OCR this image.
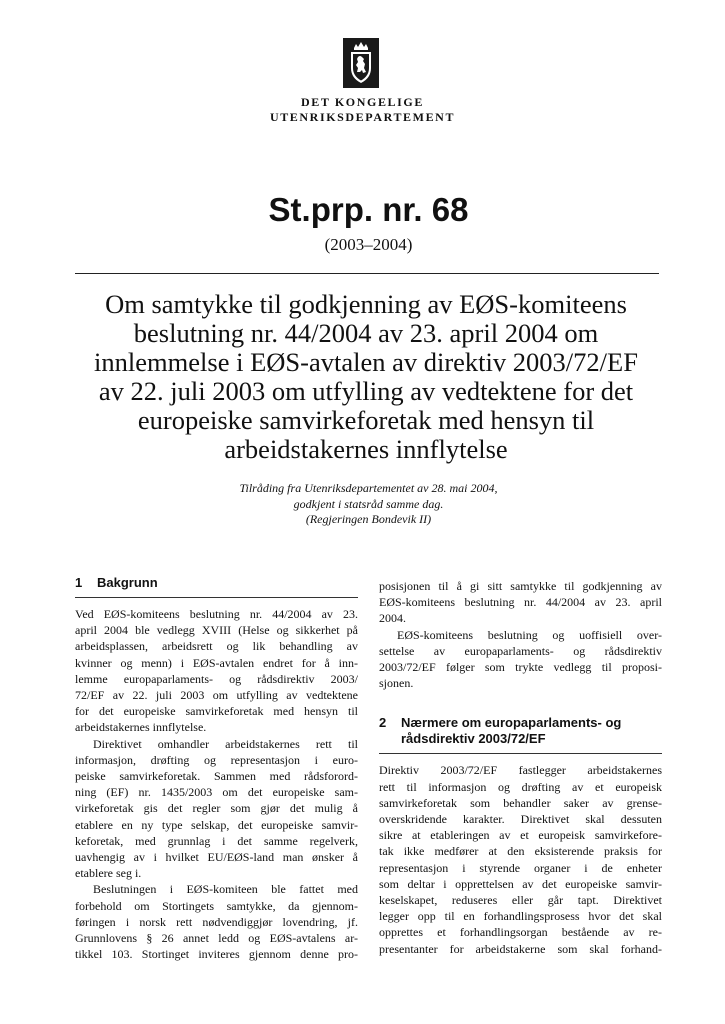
DET KONGELIGE
UTENRIKSDEPARTEMENT
St.prp. nr. 68
(2003–2004)
Om samtykke til godkjenning av EØS-komiteens
beslutning nr. 44/2004 av 23. april 2004 om
innlemmelse i EØS-avtalen av direktiv 2003/72/EF
av 22. juli 2003 om utfylling av vedtektene for det
europeiske samvirkeforetak med hensyn til
arbeidstakernes innflytelse
Tilråding fra Utenriksdepartementet av 28. mai 2004,
godkjent i statsråd samme dag.
(Regjeringen Bondevik II)
1	Bakgrunn
Ved EØS-komiteens beslutning nr. 44/2004 av 23.
april 2004 ble vedlegg XVIII (Helse og sikkerhet på
arbeidsplassen, arbeidsrett og lik behandling av
kvinner og menn) i EØS-avtalen endret for å inn-
lemme europaparlaments- og rådsdirektiv 2003/
72/EF av 22. juli 2003 om utfylling av vedtektene
for det europeiske samvirkeforetak med hensyn til
arbeidstakernes innflytelse.
Direktivet omhandler arbeidstakernes rett til
informasjon, drøfting og representasjon i euro-
peiske samvirkeforetak. Sammen med rådsforord-
ning (EF) nr. 1435/2003 om det europeiske sam-
virkeforetak gis det regler som gjør det mulig å
etablere en ny type selskap, det europeiske samvir-
keforetak, med grunnlag i det samme regelverk,
uavhengig av i hvilket EU/EØS-land man ønsker å
etablere seg i.
Beslutningen i EØS-komiteen ble fattet med
forbehold om Stortingets samtykke, da gjennom-
føringen i norsk rett nødvendiggjør lovendring, jf.
Grunnlovens § 26 annet ledd og EØS-avtalens ar-
tikkel 103. Stortinget inviteres gjennom denne pro-
posisjonen til å gi sitt samtykke til godkjenning av
EØS-komiteens beslutning nr. 44/2004 av 23. april
2004.
EØS-komiteens beslutning og uoffisiell over-
settelse av europaparlaments- og rådsdirektiv
2003/72/EF følger som trykte vedlegg til proposi-
sjonen.
2	Nærmere om europaparlaments- og
rådsdirektiv 2003/72/EF
Direktiv 2003/72/EF fastlegger arbeidstakernes
rett til informasjon og drøfting av et europeisk
samvirkeforetak som behandler saker av grense-
overskridende karakter. Direktivet skal dessuten
sikre at etableringen av et europeisk samvirkefore-
tak ikke medfører at den eksisterende praksis for
representasjon i styrende organer i de enheter
som deltar i opprettelsen av det europeiske samvir-
keselskapet, reduseres eller går tapt. Direktivet
legger opp til en forhandlingsprosess hvor det skal
opprettes et forhandlingsorgan bestående av re-
presentanter for arbeidstakerne som skal forhand-
